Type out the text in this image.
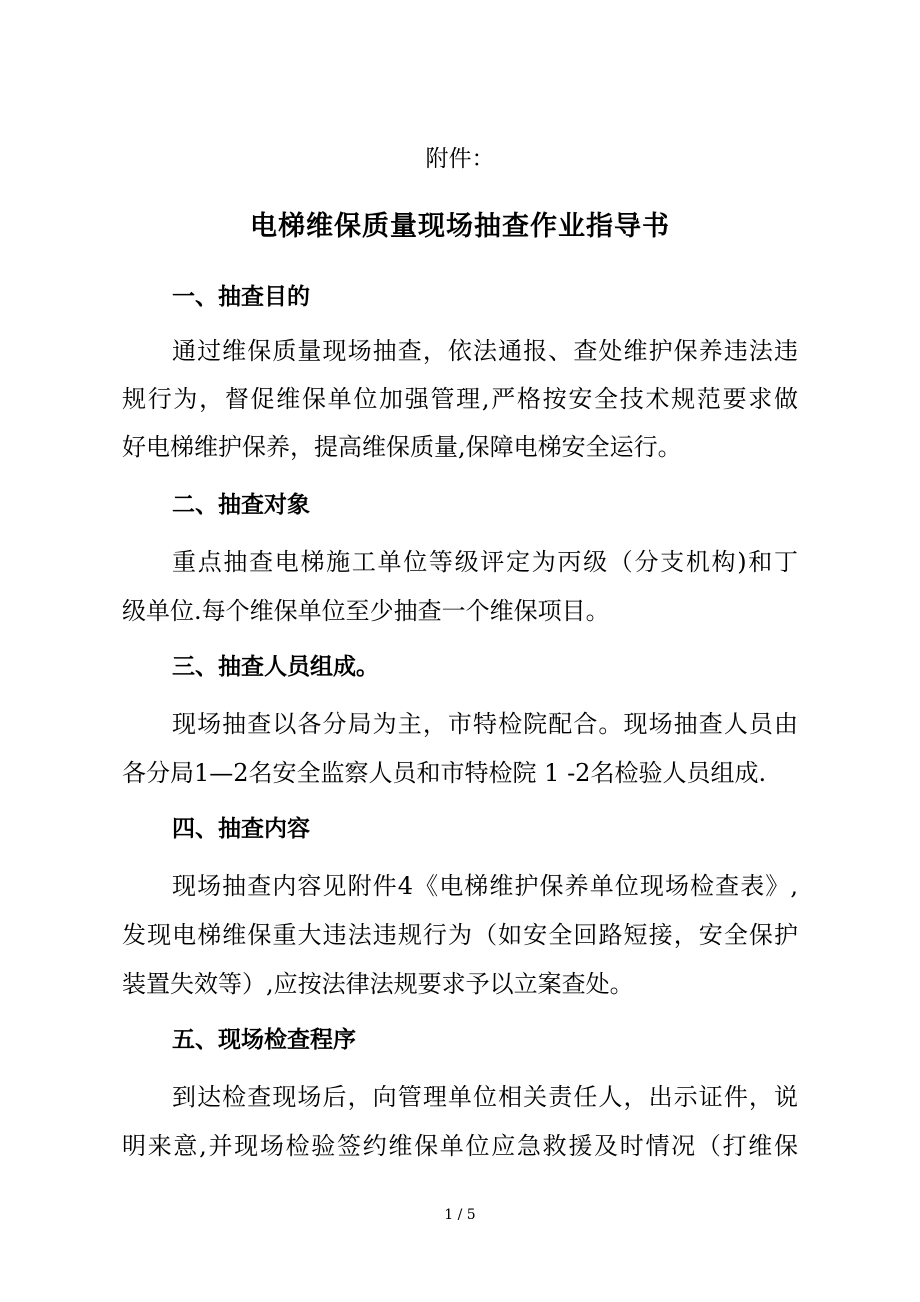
附件：
电梯维保质量现场抽查作业指导书
一、抽查目的
通过维保质量现场抽查，依法通报、查处维护保养违法违
规行为，督促维保单位加强管理,严格按安全技术规范要求做
好电梯维护保养，提高维保质量,保障电梯安全运行。
二、抽查对象
重点抽查电梯施工单位等级评定为丙级（分支机构)和丁
级单位.每个维保单位至少抽查一个维保项目。
三、抽查人员组成。
现场抽查以各分局为主，市特检院配合。现场抽查人员由
各分局1—2名安全监察人员和市特检院 1 -2名检验人员组成.
四、抽查内容
现场抽查内容见附件4《电梯维护保养单位现场检查表》,
发现电梯维保重大违法违规行为（如安全回路短接，安全保护
装置失效等）,应按法律法规要求予以立案查处。
五、现场检查程序
到达检查现场后，向管理单位相关责任人，出示证件，说
明来意,并现场检验签约维保单位应急救援及时情况（打维保
1 / 5
